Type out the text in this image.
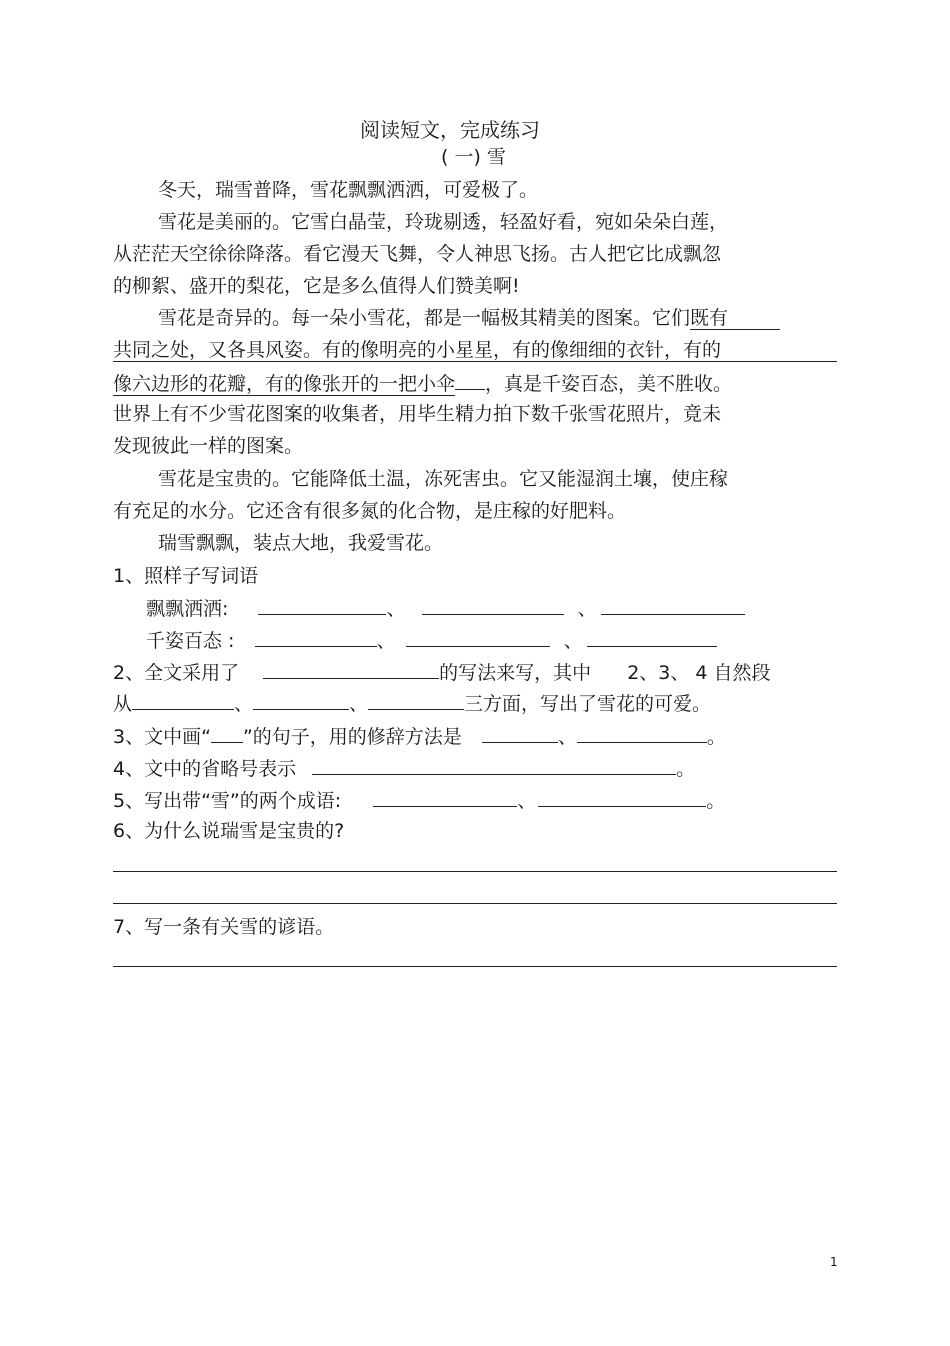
阅读短文，完成练习
( 一) 雪
冬天，瑞雪普降，雪花飘飘洒洒，可爱极了。
雪花是美丽的。它雪白晶莹，玲珑剔透，轻盈好看，宛如朵朵白莲，
从茫茫天空徐徐降落。看它漫天飞舞，令人神思飞扬。古人把它比成飘忽
的柳絮、盛开的梨花，它是多么值得人们赞美啊!
雪花是奇异的。每一朵小雪花，都是一幅极其精美的图案。它们既有
共同之处，又各具风姿。有的像明亮的小星星，有的像细细的衣针，有的
像六边形的花瓣，有的像张开的一把小伞 ，真是千姿百态，美不胜收。
世界上有不少雪花图案的收集者，用毕生精力拍下数千张雪花照片，竟未
发现彼此一样的图案。
雪花是宝贵的。它能降低土温，冻死害虫。它又能湿润土壤，使庄稼
有充足的水分。它还含有很多氮的化合物，是庄稼的好肥料。
瑞雪飘飘，装点大地，我爱雪花。
1、照样子写词语
飘飘洒洒:	、	、
千姿百态 :	、	、
2、全文采用了	的写法来写，其中 2、3、 4 自然段
从	、	、	三方面，写出了雪花的可爱。
3、文中画“ ”的句子，用的修辞方法是	、	。
4、文中的省略号表示	。
5、写出带“雪”的两个成语:	、	。
6、为什么说瑞雪是宝贵的?
7、写一条有关雪的谚语。
1
